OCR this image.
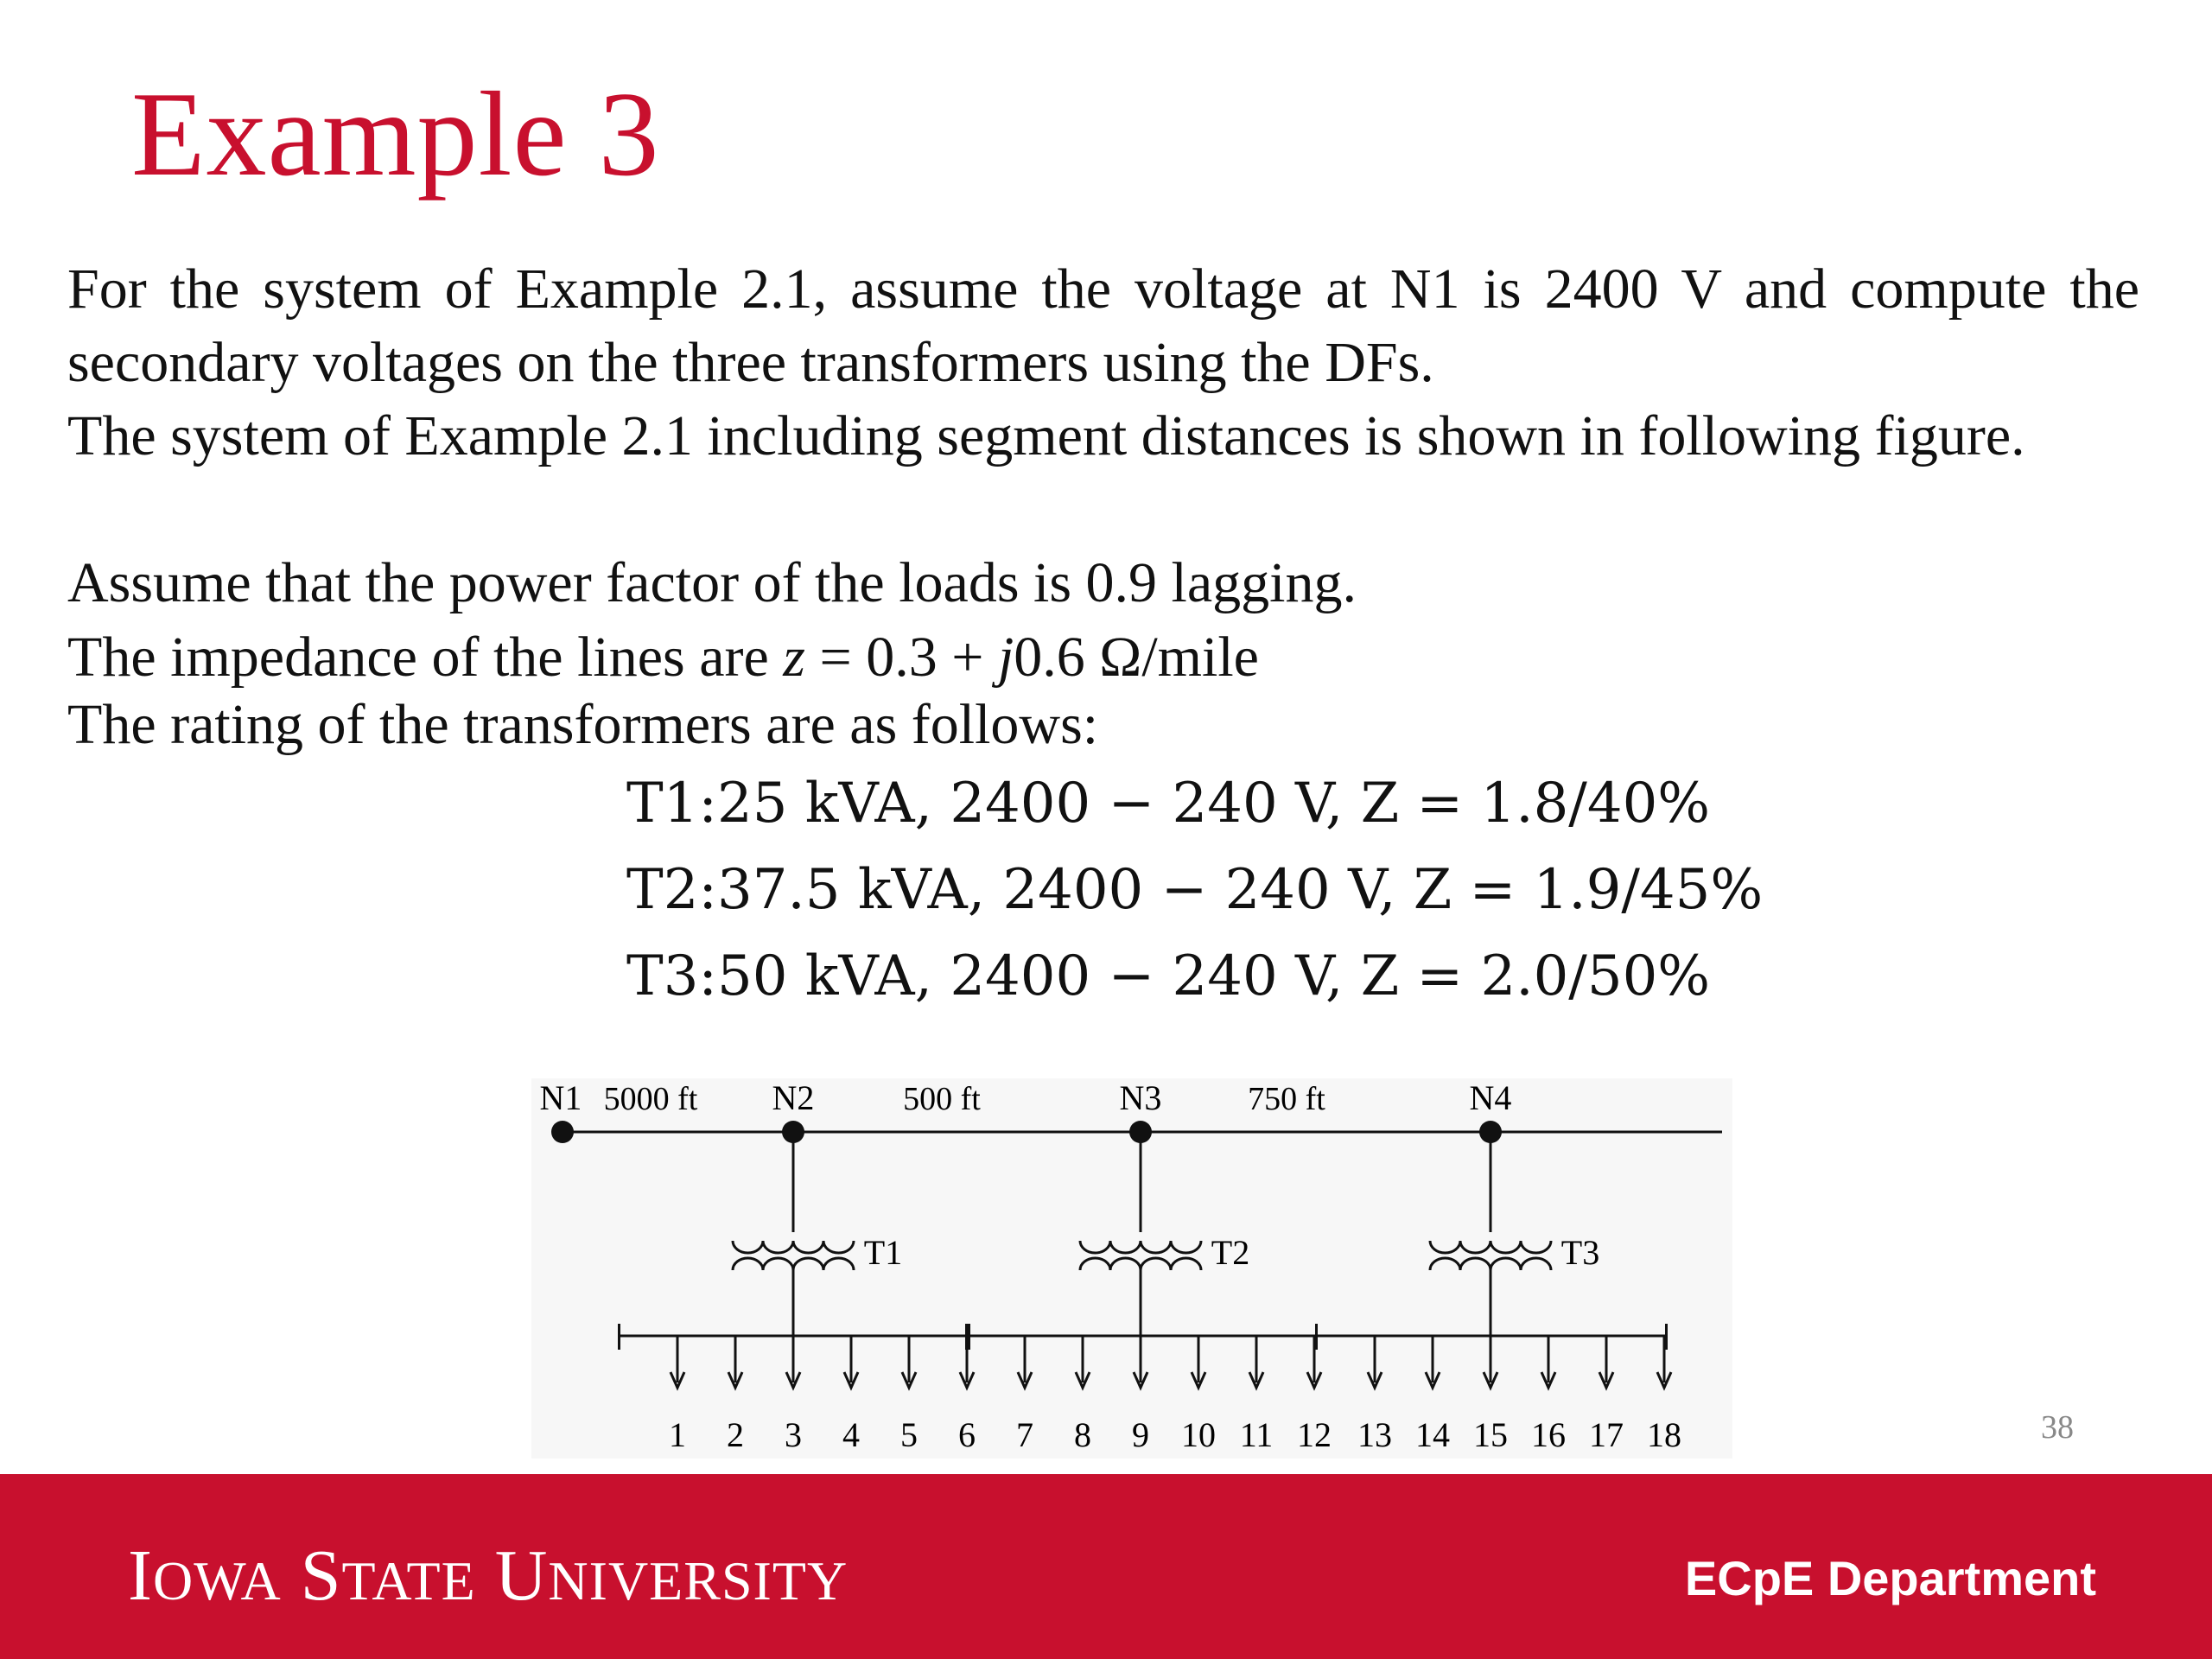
Example 3
For the system of Example 2.1, assume the voltage at N1 is 2400 V and compute the secondary voltages on the three transformers using the DFs.
The system of Example 2.1 including segment distances is shown in following figure.
Assume that the power factor of the loads is 0.9 lagging.
The impedance of the lines are z = 0.3 + j0.6 Ω/mile
The rating of the transformers are as follows:
T1:25 kVA, 2400 − 240 V, Z = 1.8/40%
T2:37.5 kVA, 2400 − 240 V, Z = 1.9/45%
T3:50 kVA, 2400 − 240 V, Z = 2.0/50%
N1	N2	N3	N4
5000 ft	500 ft	750 ft
T1	T2	T3
1 2 3 4 5 6 7 8 9 10 11 12 13 14 15 16 17 18	38
IOWA STATE UNIVERSITY	ECpE Department
